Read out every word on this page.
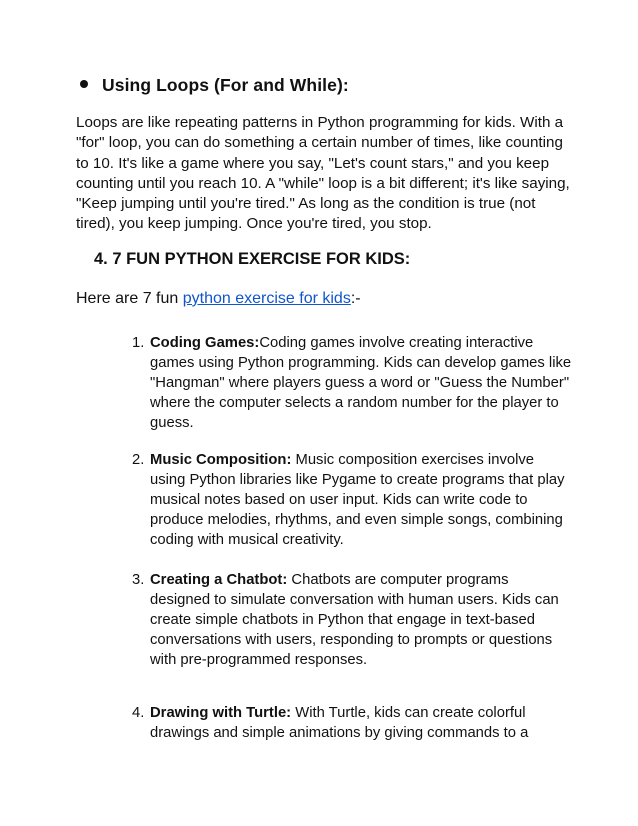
Using Loops (For and While):

Loops are like repeating patterns in Python programming for kids. With a "for" loop, you can do something a certain number of times, like counting to 10. It's like a game where you say, "Let's count stars," and you keep counting until you reach 10. A "while" loop is a bit different; it's like saying, "Keep jumping until you're tired." As long as the condition is true (not tired), you keep jumping. Once you're tired, you stop.

4. 7 FUN PYTHON EXERCISE FOR KIDS:
Here are 7 fun python exercise for kids:-
1. Coding Games:Coding games involve creating interactive games using Python programming. Kids can develop games like "Hangman" where players guess a word or "Guess the Number" where the computer selects a random number for the player to guess.
2. Music Composition: Music composition exercises involve using Python libraries like Pygame to create programs that play musical notes based on user input. Kids can write code to produce melodies, rhythms, and even simple songs, combining coding with musical creativity.
3. Creating a Chatbot: Chatbots are computer programs designed to simulate conversation with human users. Kids can create simple chatbots in Python that engage in text-based conversations with users, responding to prompts or questions with pre-programmed responses.
4. Drawing with Turtle: With Turtle, kids can create colorful drawings and simple animations by giving commands to a
